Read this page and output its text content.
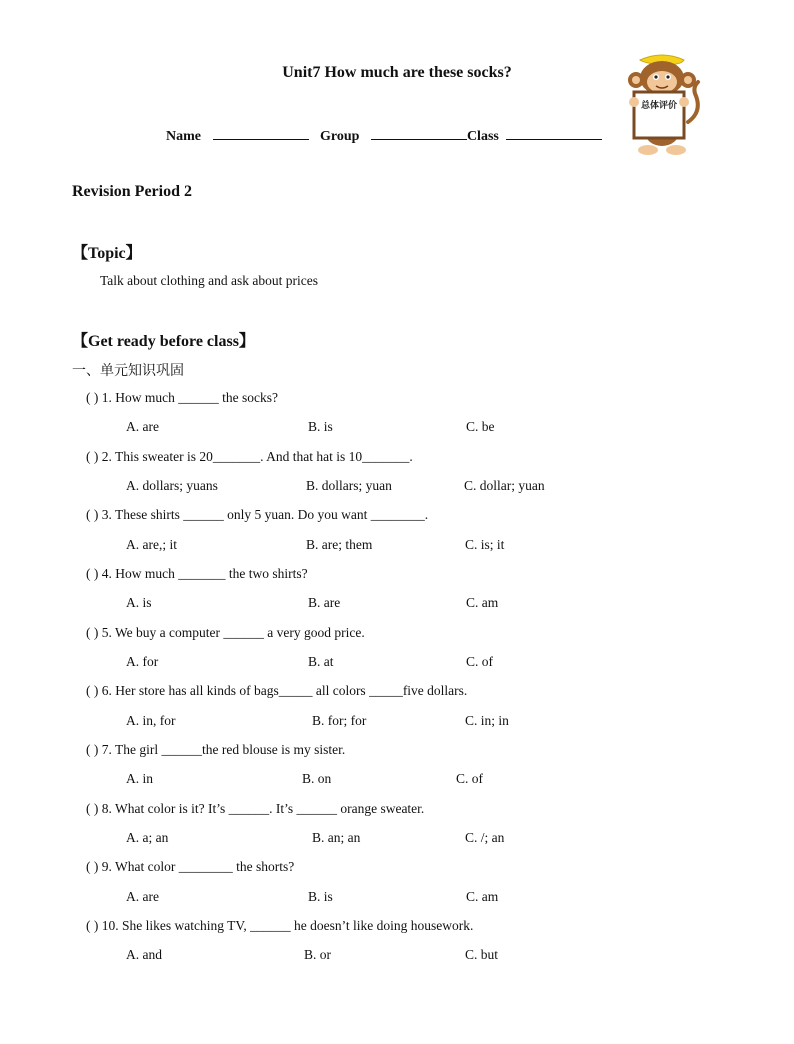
Unit7 How much are these socks?
Name	Group	Class
总体评价
Revision Period 2
【Topic】
Talk about clothing and ask about prices
【Get ready before class】
一、单元知识巩固
( ) 1. How much ______ the socks?
A. are	B. is	C. be
( ) 2. This sweater is 20_______. And that hat is 10_______.
A. dollars; yuans	B. dollars; yuan	C. dollar; yuan
( ) 3. These shirts ______ only 5 yuan. Do you want ________.
A. are,; it	B. are; them	C. is; it
( ) 4. How much _______ the two shirts?
A. is	B. are	C. am
( ) 5. We buy a computer ______ a very good price.
A. for	B. at	C. of
( ) 6. Her store has all kinds of bags_____ all colors _____five dollars.
A. in, for	B. for; for	C. in; in
( ) 7. The girl ______the red blouse is my sister.
A. in	B. on	C. of
( ) 8. What color is it? It’s ______. It’s ______ orange sweater.
A. a; an	B. an; an	C. /; an
( ) 9. What color ________ the shorts?
A. are	B. is	C. am
( ) 10. She likes watching TV, ______ he doesn’t like doing housework.
A. and	B. or	C. but
